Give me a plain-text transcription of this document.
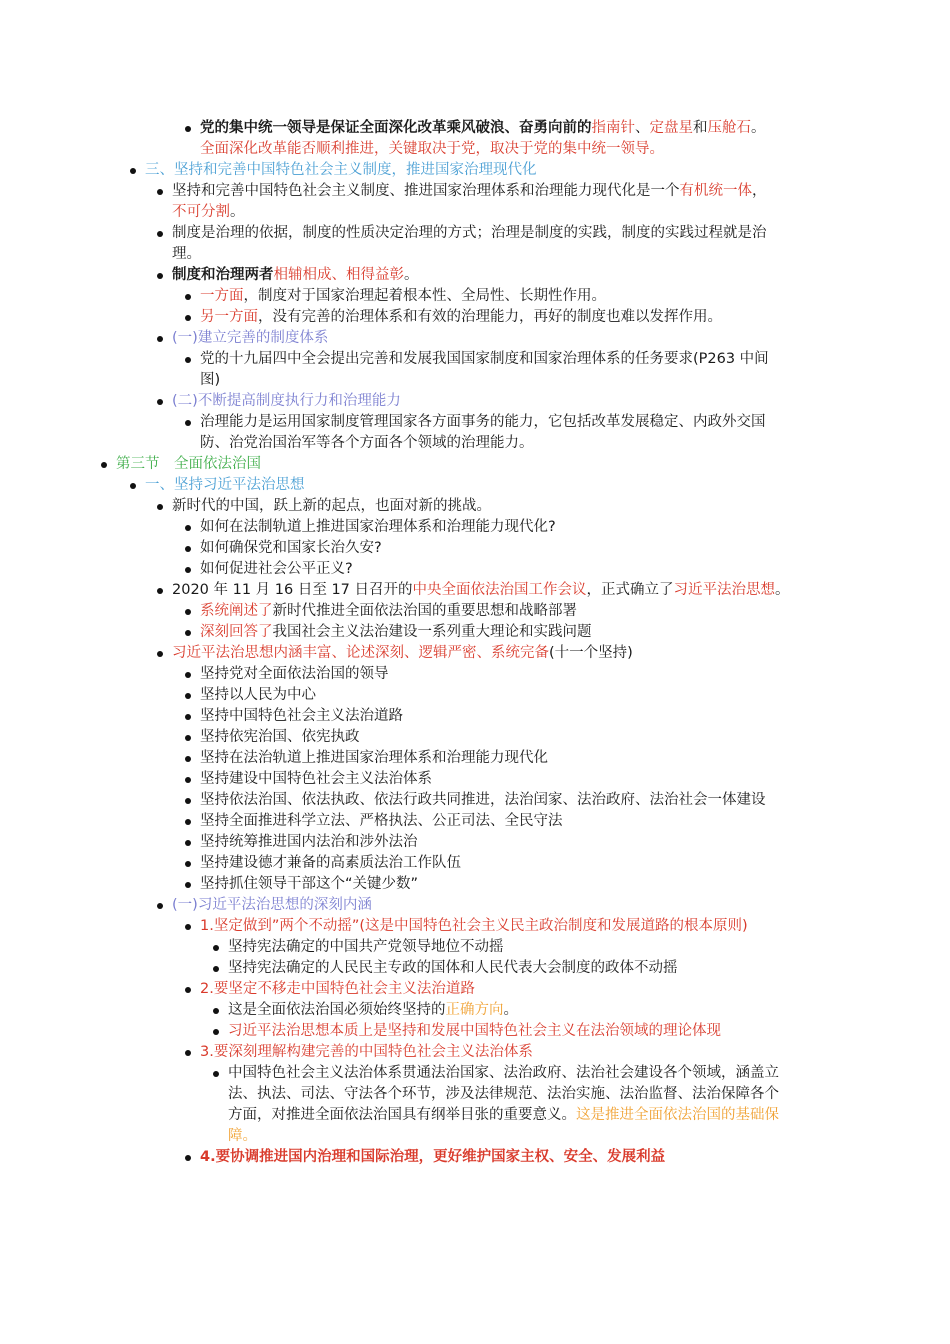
党的集中统一领导是保证全面深化改革乘风破浪、奋勇向前的指南针、定盘星和压舱石。
全面深化改革能否顺利推进，关键取决于党，取决于党的集中统一领导。
三、坚持和完善中国特色社会主义制度，推进国家治理现代化
坚持和完善中国特色社会主义制度、推进国家治理体系和治理能力现代化是一个有机统一体，
不可分割。
制度是治理的依据，制度的性质决定治理的方式；治理是制度的实践，制度的实践过程就是治
理。
制度和治理两者相辅相成、相得益彰。
一方面，制度对于国家治理起着根本性、全局性、长期性作用。
另一方面，没有完善的治理体系和有效的治理能力，再好的制度也难以发挥作用。
(一)建立完善的制度体系
党的十九届四中全会提出完善和发展我国国家制度和国家治理体系的任务要求(P263 中间
图)
(二)不断提高制度执行力和治理能力
治理能力是运用国家制度管理国家各方面事务的能力，它包括改革发展稳定、内政外交国
防、治党治国治军等各个方面各个领域的治理能力。
第三节　全面依法治国
一、坚持习近平法治思想
新时代的中国，跃上新的起点，也面对新的挑战。
如何在法制轨道上推进国家治理体系和治理能力现代化?
如何确保党和国家长治久安?
如何促进社会公平正义?
2020 年 11 月 16 日至 17 日召开的中央全面依法治国工作会议，正式确立了习近平法治思想。
系统阐述了新时代推进全面依法治国的重要思想和战略部署
深刻回答了我国社会主义法治建设一系列重大理论和实践问题
习近平法治思想内涵丰富、论述深刻、逻辑严密、系统完备(十一个坚持)
坚持党对全面依法治国的领导
坚持以人民为中心
坚持中国特色社会主义法治道路
坚持依宪治国、依宪执政
坚持在法治轨道上推进国家治理体系和治理能力现代化
坚持建设中国特色社会主义法治体系
坚持依法治国、依法执政、依法行政共同推进，法治闰家、法治政府、法治社会一体建设
坚持全面推进科学立法、严格执法、公正司法、全民守法
坚持统筹推进国内法治和涉外法治
坚持建设德才兼备的高素质法治工作队伍
坚持抓住领导干部这个“关键少数”
(一)习近平法治思想的深刻内涵
1.坚定做到”两个不动摇”(这是中国特色社会主义民主政治制度和发展道路的根本原则)
坚持宪法确定的中国共产党领导地位不动摇
坚持宪法确定的人民民主专政的国体和人民代表大会制度的政体不动摇
2.要坚定不移走中国特色社会主义法治道路
这是全面依法治国必须始终坚持的正确方向。
习近平法治思想本质上是坚持和发展中国特色社会主义在法治领域的理论体现
3.要深刻理解构建完善的中国特色社会主义法治体系
中国特色社会主义法治体系贯通法治国家、法治政府、法治社会建设各个领域，涵盖立
法、执法、司法、守法各个环节，涉及法律规范、法治实施、法治监督、法治保障各个
方面，对推进全面依法治国具有纲举目张的重要意义。这是推进全面依法治国的基础保
障。
4.要协调推进国内治理和国际治理，更好维护国家主权、安全、发展利益
